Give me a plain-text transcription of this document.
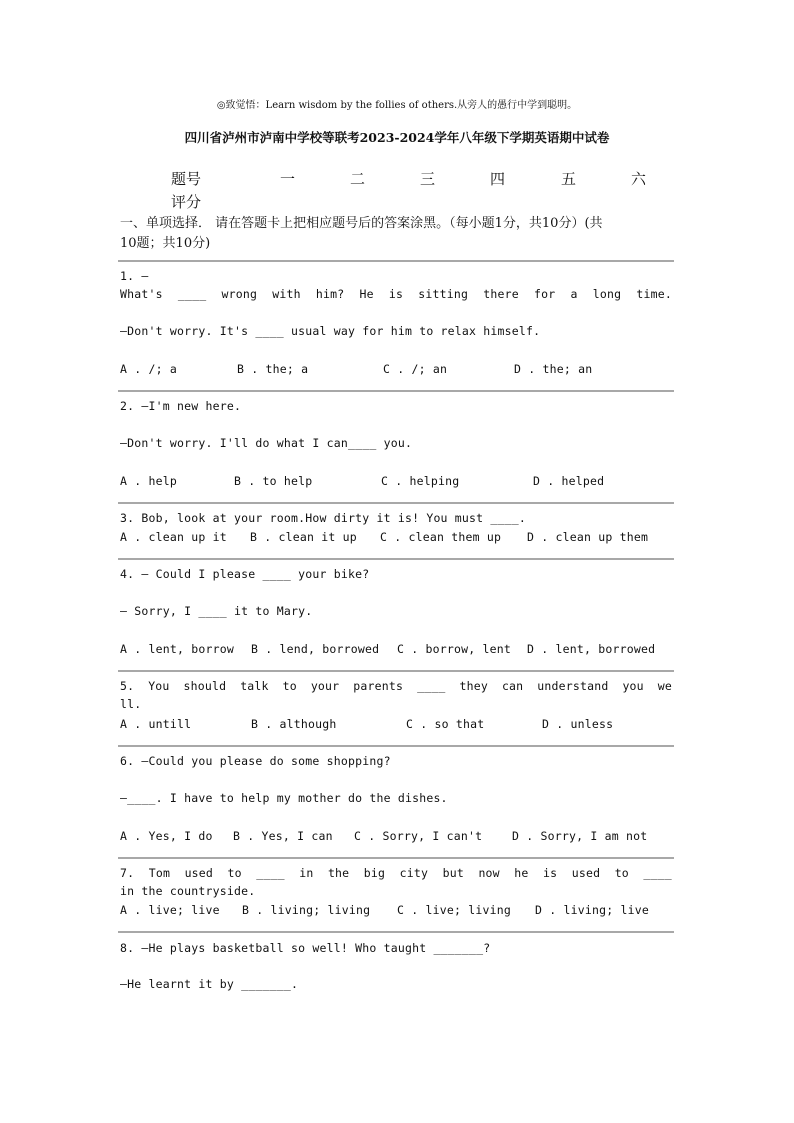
◎致觉悟：Learn wisdom by the follies of others.从旁人的愚行中学到聪明。
四川省泸州市泸南中学校等联考2023-2024学年八年级下学期英语期中试卷
题号	一	二	三	四	五	六
评分
一、单项选择． 请在答题卡上把相应题号后的答案涂黑。（每小题1分，共10分）(共
10题；共10分)
1. —
What's ____ wrong with him? He is sitting there for a long time.
—Don't worry. It's ____ usual way for him to relax himself.
A . /; a	B . the; a	C . /; an	D . the; an
2. —I'm new here.
—Don't worry. I'll do what I can____ you.
A . help	B . to help	C . helping	D . helped
3. Bob, look at your room.How dirty it is! You must ____.
A . clean up it B . clean it up C . clean them up D . clean up them
4. — Could I please ____ your bike?
— Sorry, I ____ it to Mary.
A . lent, borrow B . lend, borrowed C . borrow, lent D . lent, borrowed
5. You should talk to your parents ____ they can understand you we
ll.
A . untill	B . although	C . so that	D . unless
6. —Could you please do some shopping?
—____. I have to help my mother do the dishes.
A . Yes, I do B . Yes, I can C . Sorry, I can't	D . Sorry, I am not
7. Tom used to ____ in the big city but now he is used to ____
in the countryside.
A . live; live B . living; living C . live; living D . living; live
8. —He plays basketball so well! Who taught _______?
—He learnt it by _______.
